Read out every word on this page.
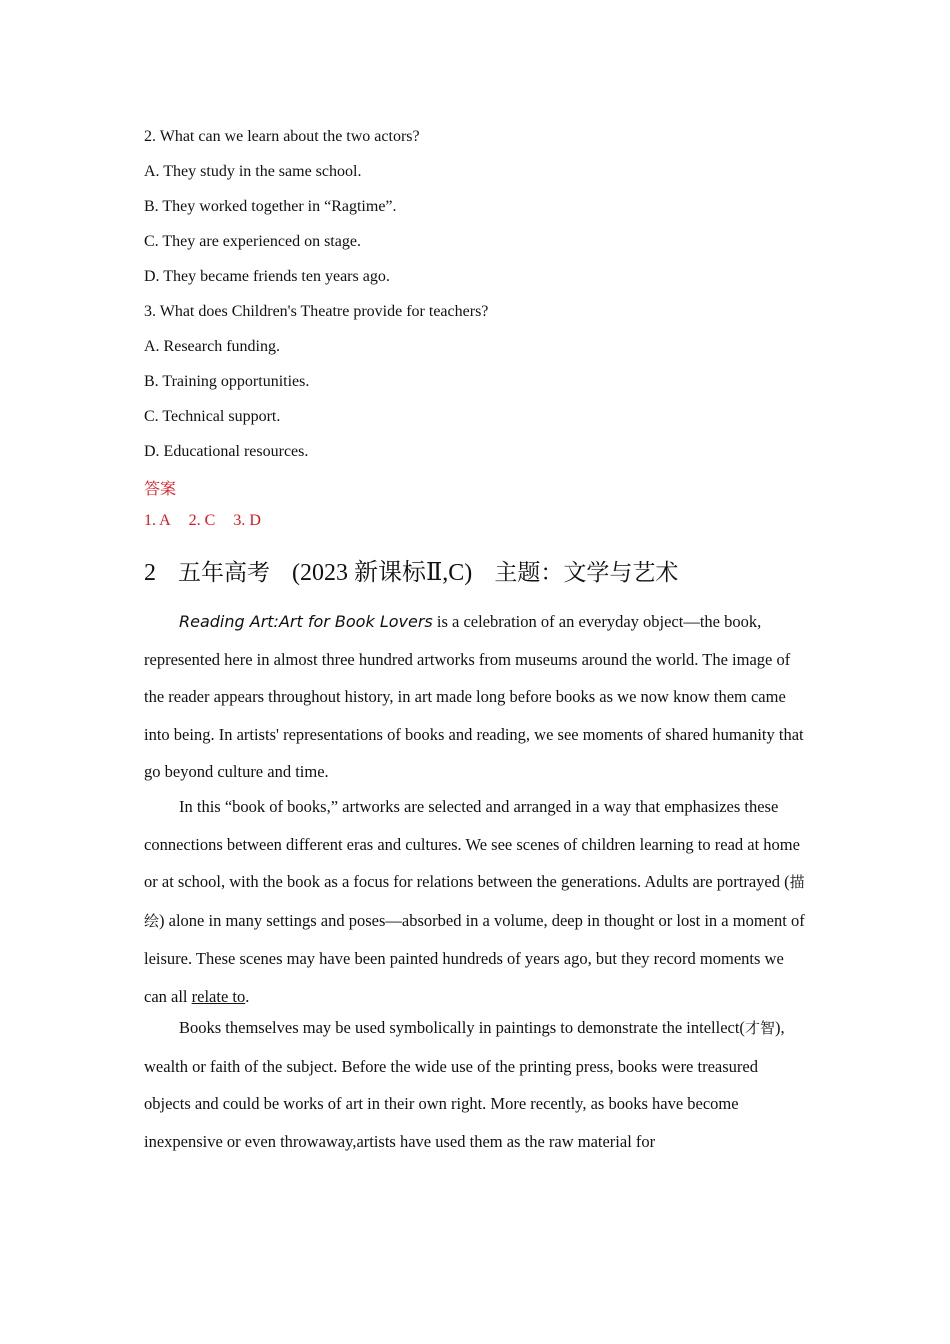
2. What can we learn about the two actors?
A. They study in the same school.
B. They worked together in “Ragtime”.
C. They are experienced on stage.
D. They became friends ten years ago.
3. What does Children's Theatre provide for teachers?
A. Research funding.
B. Training opportunities.
C. Technical support.
D. Educational resources.
答案
1. A 2. C 3. D
2 五年高考 (2023 新课标Ⅱ,C) 主题：文学与艺术

Reading Art:Art for Book Lovers is a celebration of an everyday object—the book, represented here in almost three hundred artworks from museums around the world. The image of the reader appears throughout history, in art made long before books as we now know them came into being. In artists' representations of books and reading, we see moments of shared humanity that go beyond culture and time.

In this “book of books,” artworks are selected and arranged in a way that emphasizes these connections between different eras and cultures. We see scenes of children learning to read at home or at school, with the book as a focus for relations between the generations. Adults are portrayed (描绘) alone in many settings and poses—absorbed in a volume, deep in thought or lost in a moment of leisure. These scenes may have been painted hundreds of years ago, but they record moments we can all relate to.

Books themselves may be used symbolically in paintings to demonstrate the intellect(才智), wealth or faith of the subject. Before the wide use of the printing press, books were treasured objects and could be works of art in their own right. More recently, as books have become inexpensive or even throwaway,artists have used them as the raw material for
